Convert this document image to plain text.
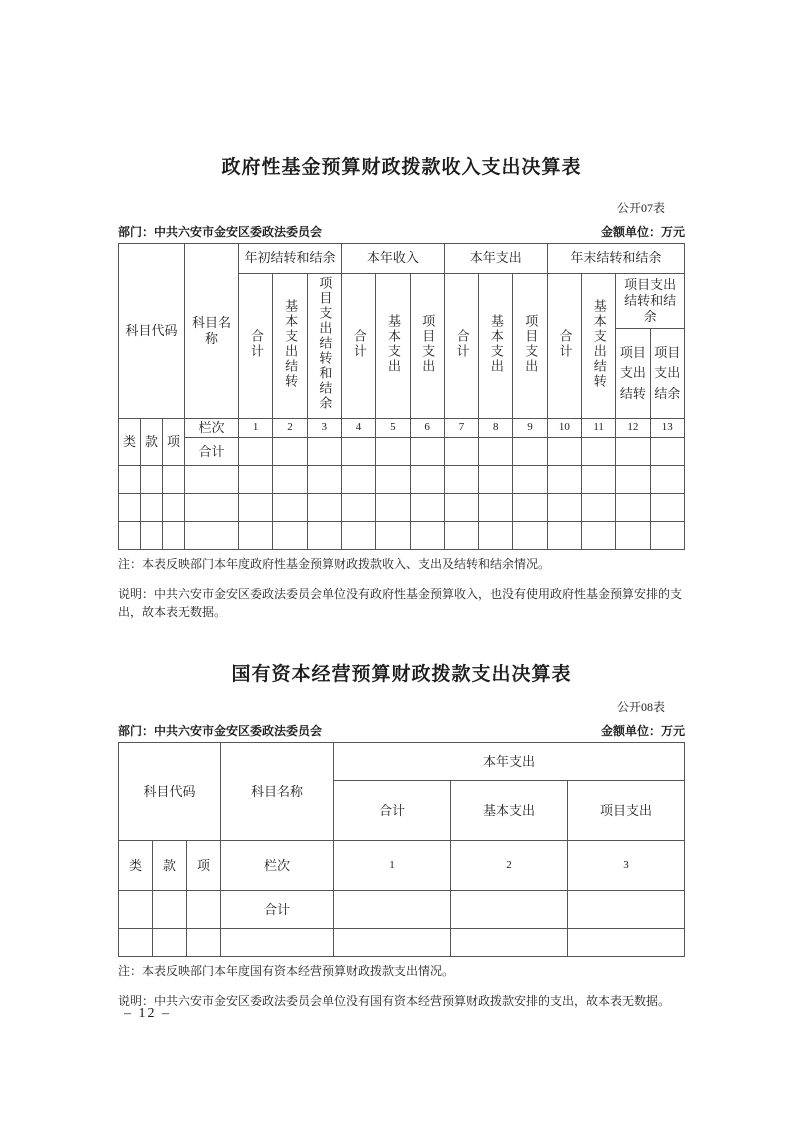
政府性基金预算财政拨款收入支出决算表
公开07表
部门：中共六安市金安区委政法委员会	金额单位：万元
科目代码			科目名称	年初结转和结余			本年收入			本年支出			年末结转和结余			
				合计	基本支出结转	项目支出结转和结余	合计	基本支出	项目支出	合计	基本支出	项目支出	合计	基本支出结转	项目支出结转和结余	
															项目支出结转	项目支出结余
类	款	项	栏次	1	2	3	4	5	6	7	8	9	10	11	12	13
			合计													

注：本表反映部门本年度政府性基金预算财政拨款收入、支出及结转和结余情况。

说明：中共六安市金安区委政法委员会单位没有政府性基金预算收入，也没有使用政府性基金预算安排的支出，故本表无数据。

国有资本经营预算财政拨款支出决算表
公开08表
部门：中共六安市金安区委政法委员会	金额单位：万元
科目代码			科目名称	本年支出		
				合计	基本支出	项目支出
类	款	项	栏次	1	2	3
			合计			

注：本表反映部门本年度国有资本经营预算财政拨款支出情况。

说明：中共六安市金安区委政法委员会单位没有国有资本经营预算财政拨款安排的支出，故本表无数据。

– 12 –
